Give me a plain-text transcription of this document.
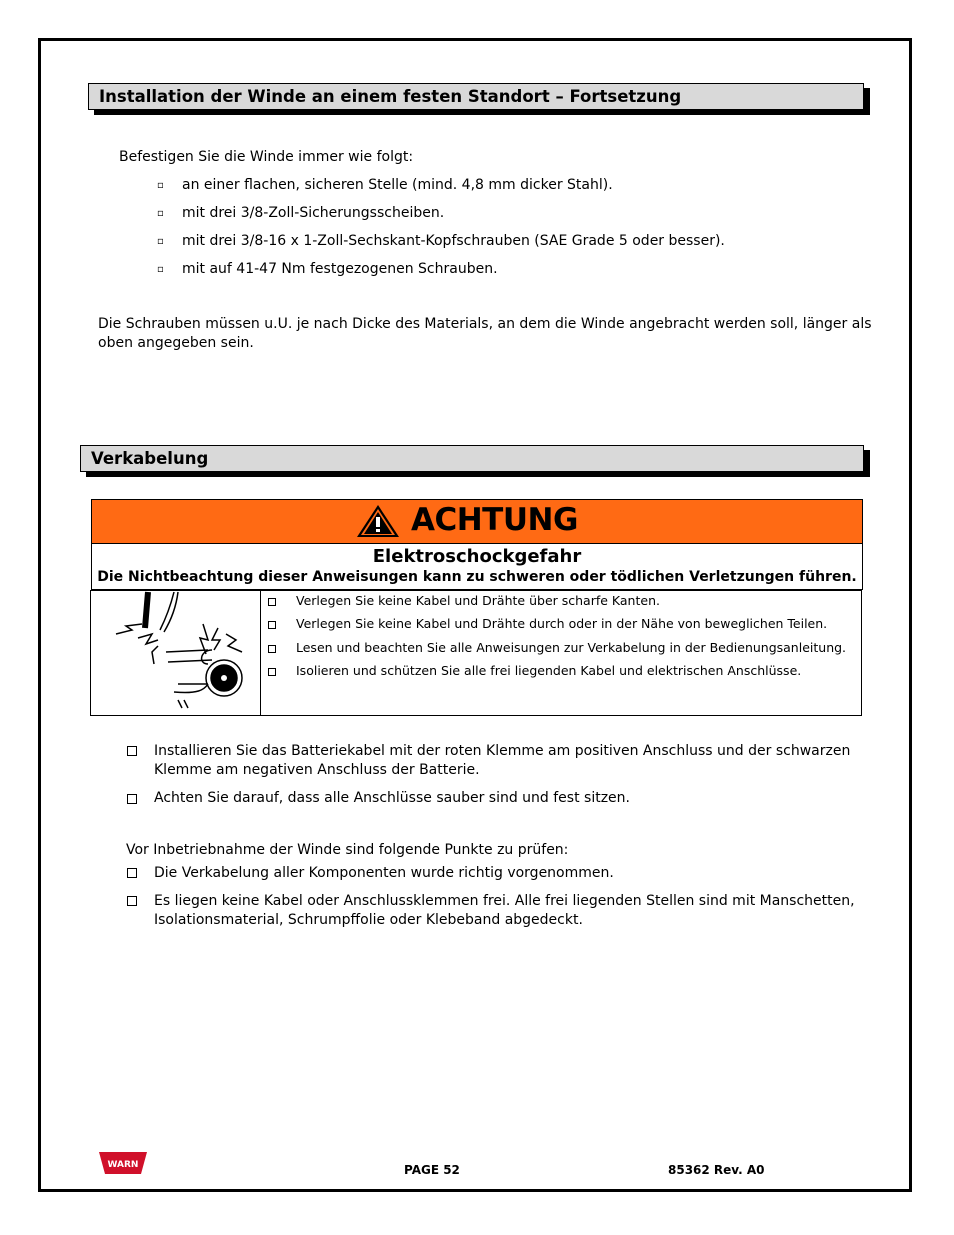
Installation der Winde an einem festen Standort – Fortsetzung
Befestigen Sie die Winde immer wie folgt:
▫ an einer flachen, sicheren Stelle (mind. 4,8 mm dicker Stahl).
▫ mit drei 3/8-Zoll-Sicherungsscheiben.
▫ mit drei 3/8-16 x 1-Zoll-Sechskant-Kopfschrauben (SAE Grade 5 oder besser).
▫ mit auf 41-47 Nm festgezogenen Schrauben.
Die Schrauben müssen u.U. je nach Dicke des Materials, an dem die Winde angebracht werden soll, länger als
oben angegeben sein.
Verkabelung
ACHTUNG
Elektroschockgefahr
Die Nichtbeachtung dieser Anweisungen kann zu schweren oder tödlichen Verletzungen führen.
Verlegen Sie keine Kabel und Drähte über scharfe Kanten.
Verlegen Sie keine Kabel und Drähte durch oder in der Nähe von beweglichen Teilen.
Lesen und beachten Sie alle Anweisungen zur Verkabelung in der Bedienungsanleitung.
Isolieren und schützen Sie alle frei liegenden Kabel und elektrischen Anschlüsse.
Installieren Sie das Batteriekabel mit der roten Klemme am positiven Anschluss und der schwarzen
Klemme am negativen Anschluss der Batterie.
Achten Sie darauf, dass alle Anschlüsse sauber sind und fest sitzen.
Vor Inbetriebnahme der Winde sind folgende Punkte zu prüfen:
Die Verkabelung aller Komponenten wurde richtig vorgenommen.
Es liegen keine Kabel oder Anschlussklemmen frei. Alle frei liegenden Stellen sind mit Manschetten,
Isolationsmaterial, Schrumpffolie oder Klebeband abgedeckt.
WARN	PAGE 52	85362 Rev. A0
